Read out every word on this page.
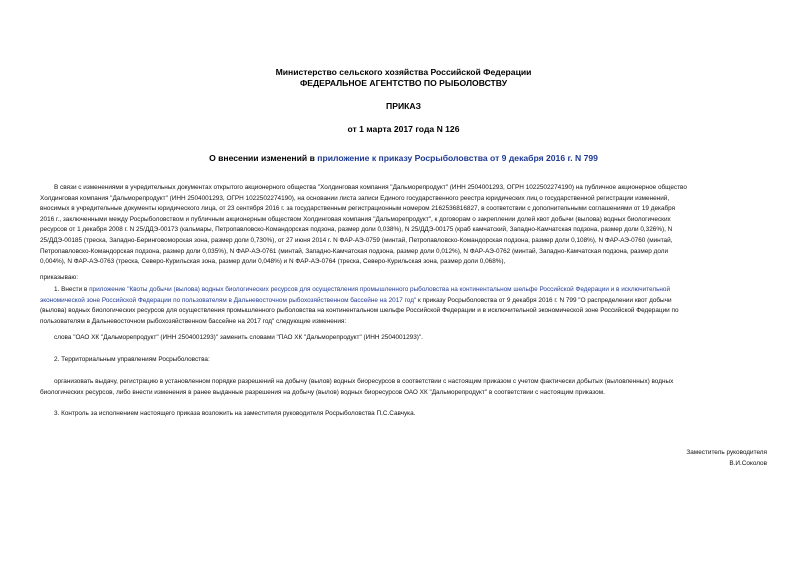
Министерство сельского хозяйства Российской Федерации
ФЕДЕРАЛЬНОЕ АГЕНТСТВО ПО РЫБОЛОВСТВУ
ПРИКАЗ
от 1 марта 2017 года N 126
О внесении изменений в приложение к приказу Росрыболовства от 9 декабря 2016 г. N 799
В связи с изменениями в учредительных документах открытого акционерного общества "Холдинговая компания "Дальморепродукт" (ИНН 2504001293, ОГРН 1022502274190) на публичное акционерное общество
Холдинговая компания "Дальморепродукт" (ИНН 2504001293, ОГРН 1022502274190), на основании листа записи Единого государственного реестра юридических лиц о государственной регистрации изменений,
вносимых в учредительные документы юридического лица, от 23 сентября 2016 г. за государственным регистрационным номером 2162536816827, в соответствии с дополнительными соглашениями от 19 декабря
2016 г., заключенными между Росрыболовством и публичным акционерным обществом Холдинговая компания "Дальморепродукт", к договорам о закреплении долей квот добычи (вылова) водных биологических
ресурсов от 1 декабря 2008 г. N 25/ДДЭ-00173 (кальмары, Петропавловско-Командорская подзона, размер доли 0,038%), N 25/ДДЭ-00175 (краб камчатский, Западно-Камчатская подзона, размер доли 0,326%), N
25/ДДЭ-00185 (треска, Западно-Беринговоморская зона, размер доли 0,730%), от 27 июня 2014 г. N ФАР-АЭ-0759 (минтай, Петропавловско-Командорская подзона, размер доли 0,108%), N ФАР-АЭ-0760 (минтай,
Петропавловско-Командорская подзона, размер доли 0,035%), N ФАР-АЭ-0761 (минтай, Западно-Камчатская подзона, размер доли 0,012%), N ФАР-АЭ-0762 (минтай, Западно-Камчатская подзона, размер доли
0,004%), N ФАР-АЭ-0763 (треска, Северо-Курильская зона, размер доли 0,048%) и N ФАР-АЭ-0764 (треска, Северо-Курильская зона, размер доли 0,068%),
приказываю:
1. Внести в приложение "Квоты добычи (вылова) водных биологических ресурсов для осуществления промышленного рыболовства на континентальном шельфе Российской Федерации и в исключительной
экономической зоне Российской Федерации по пользователям в Дальневосточном рыбохозяйственном бассейне на 2017 год" к приказу Росрыболовства от 9 декабря 2016 г. N 799 "О распределении квот добычи
(вылова) водных биологических ресурсов для осуществления промышленного рыболовства на континентальном шельфе Российской Федерации и в исключительной экономической зоне Российской Федерации по
пользователям в Дальневосточном рыбохозяйственном бассейне на 2017 год" следующие изменения:
слова "ОАО ХК "Дальморепродукт" (ИНН 2504001293)" заменить словами "ПАО ХК "Дальморепродукт" (ИНН 2504001293)".
2. Территориальным управлениям Росрыболовства:
организовать выдачу, регистрацию в установленном порядке разрешений на добычу (вылов) водных биоресурсов в соответствии с настоящим приказом с учетом фактически добытых (выловленных) водных
биологических ресурсов, либо внести изменения в ранее выданные разрешения на добычу (вылов) водных биоресурсов ОАО ХК "Дальморепродукт" в соответствии с настоящим приказом.
3. Контроль за исполнением настоящего приказа возложить на заместителя руководителя Росрыболовства П.С.Савчука.
Заместитель руководителя
В.И.Соколов
